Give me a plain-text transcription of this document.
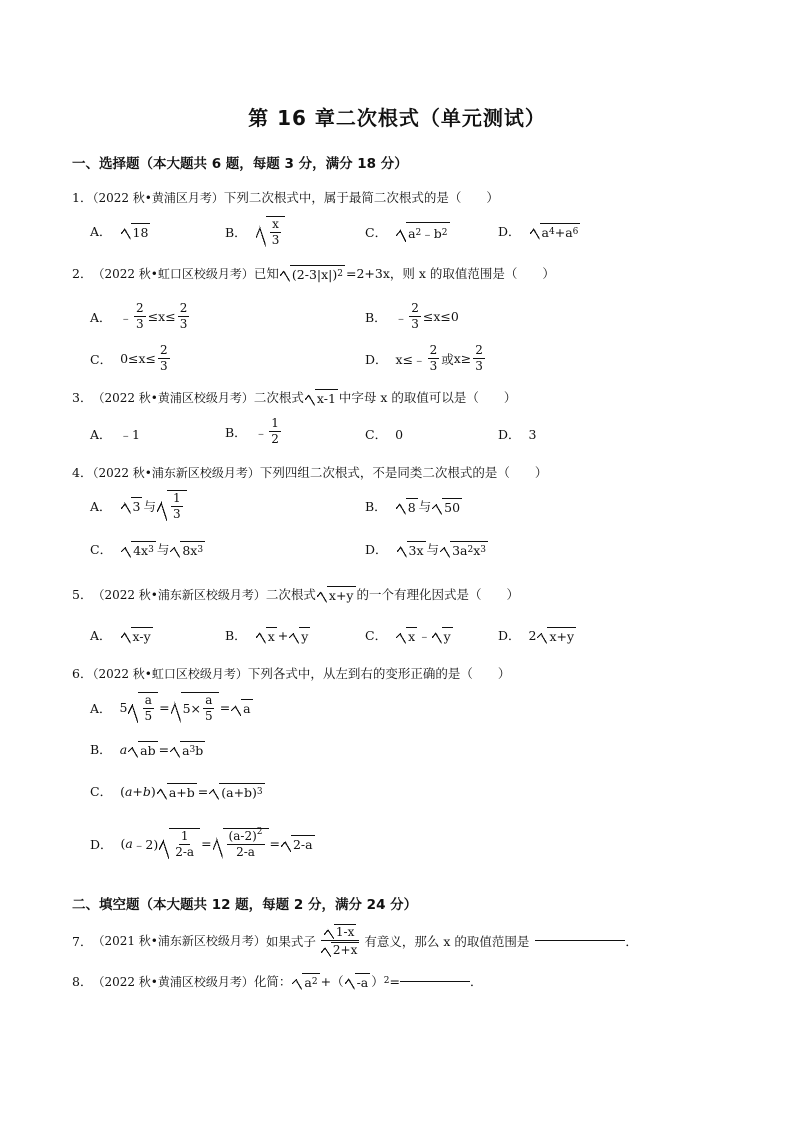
第 16 章二次根式（单元测试）
一、选择题（本大题共 6 题，每题 3 分，满分 18 分）
1．（2022 秋•黄浦区月考）下列二次根式中，属于最简二次根式的是（　　）
A． 18	B． $\frac{x}{3}$	C． a 2 ﹣b 2	D． a 4 +a 6
2． （2022 秋•虹口区校级月考） 已知 (2-3|x|) 2 =2+3x，则 x 的取值范围是（　　）
A． ﹣ $\frac{2}{3} \le x\le \frac{2}{3}$	B． ﹣ $\frac{2}{3} \le x\le 0$
C． $0\le x\le \frac{2}{3}$	D． x≤﹣ $\frac{2}{3}$ 或 $x\ge \frac{2}{3}$
3． （2022 秋•黄浦区校级月考） 二次根式 x-1 中字母 x 的取值可以是（　　）
A． ﹣1	B． ﹣ $\frac{1}{2}$	C． 0	D． 3
4．（2022 秋•浦东新区校级月考）下列四组二次根式，不是同类二次根式的是（　　）
A． 3 与 $\frac{1}{3}$	B． 8 与 50
C． 4x 3 与 8x 3	D． 3x 与 3a 2 x 3
5． （2022 秋•浦东新区校级月考） 二次根式 x+y 的一个有理化因式是（　　）
A． x-y	B． x + y	C． x ﹣ y	D． 2 x+y
6．（2022 秋•虹口区校级月考）下列各式中，从左到右的变形正确的是（　　）
A． $5 \frac{a}{5} = 5\times \frac{a}{5} = a$
B． a ab = a 3 b
C． ( a + b ) a+b = (a+b) 3
D． ( a ﹣2) $\frac{1}{2-a} = \frac{(a-2)^2}{2-a} = 2-a$
二、填空题（本大题共 12 题，每题 2 分，满分 24 分）
7． （2021 秋•浦东新区校级月考） 如果式子 $\frac{1-x}{2+x}$ 有意义，那么 x 的取值范围是	．
8． （2022 秋•黄浦区校级月考） 化简： a 2 +（ -a ） 2 =	．
